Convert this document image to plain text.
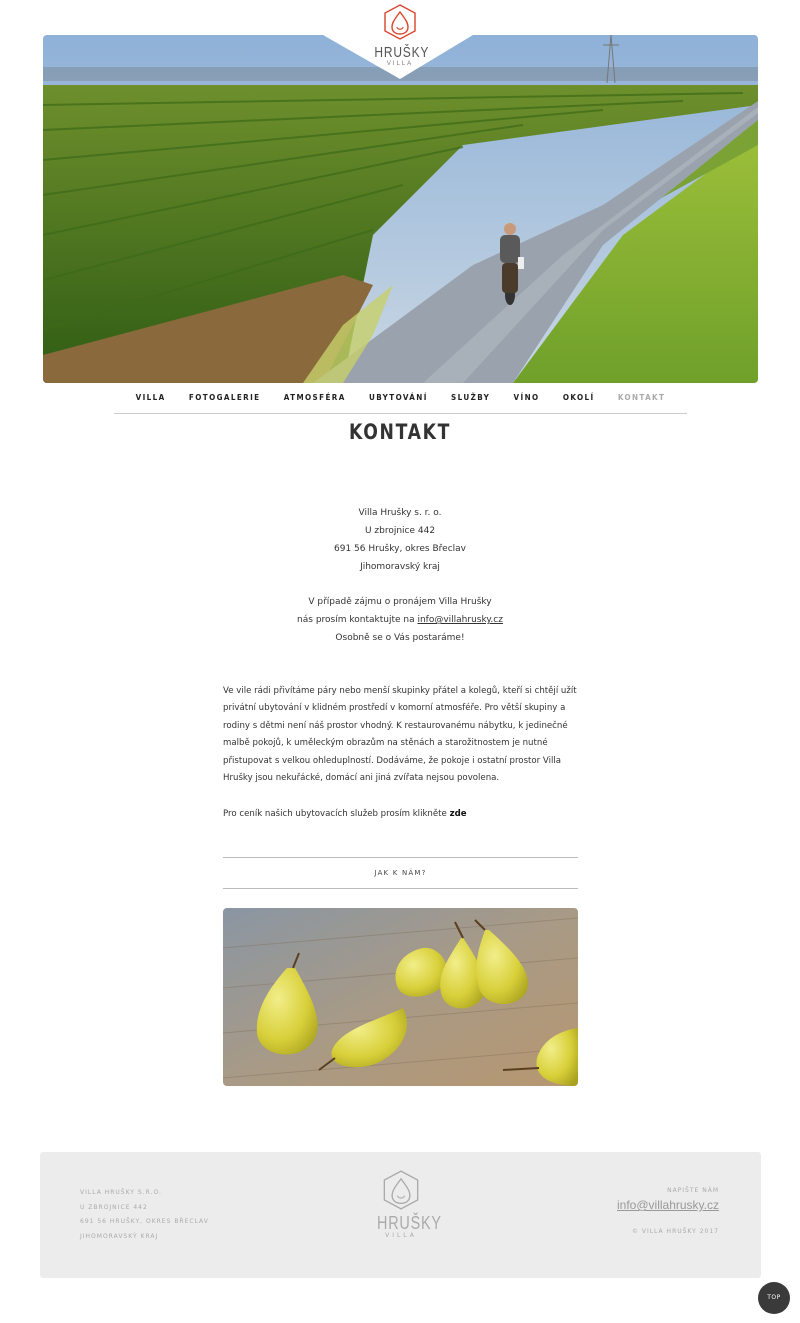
HRUŠKY
VILLA
VILLA	FOTOGALERIE	ATMOSFÉRA	UBYTOVÁNÍ	SLUŽBY	VÍNO	OKOLÍ	KONTAKT
KONTAKT
Villa Hrušky s. r. o.
U zbrojnice 442
691 56 Hrušky, okres Břeclav
Jihomoravský kraj
V případě zájmu o pronájem Villa Hrušky
nás prosím kontaktujte na info@villahrusky.cz
Osobně se o Vás postaráme!

Ve vile rádi přivítáme páry nebo menší skupinky přátel a kolegů, kteří si chtějí užít privátní ubytování v klidném prostředí v komorní atmosféře. Pro větší skupiny a rodiny s dětmi není náš prostor vhodný. K restaurovanému nábytku, k jedinečné malbě pokojů, k uměleckým obrazům na stěnách a starožitnostem je nutné přistupovat s velkou ohleduplností. Dodáváme, že pokoje i ostatní prostor Villa Hrušky jsou nekuřácké, domácí ani jiná zvířata nejsou povolena.

Pro ceník našich ubytovacích služeb prosím klikněte zde

JAK K NÁM?
VILLA HRUŠKY S.R.O.
U ZBROJNICE 442
691 56 HRUŠKY, OKRES BŘECLAV
JIHOMORAVSKÝ KRAJ
HRUŠKY
VILLA
NAPIŠTE NÁM
info@villahrusky.cz
© VILLA HRUŠKY 2017
TOP
